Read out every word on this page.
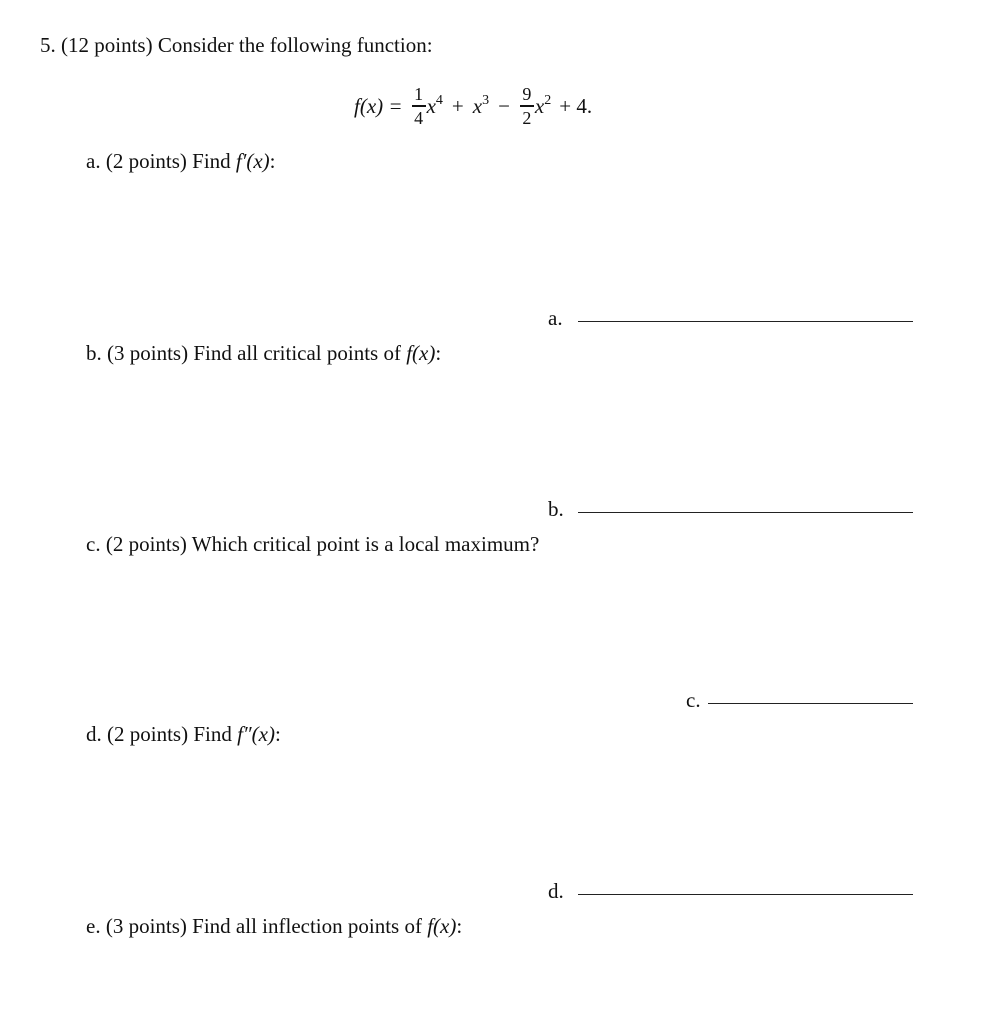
5. (12 points) Consider the following function:
$f(x) = \frac{1}{4} x^4 + x^3 - \frac{9}{2} x^2 + 4$.
a. (2 points) Find f′(x):
a.
b. (3 points) Find all critical points of f(x):
b.
c. (2 points) Which critical point is a local maximum?
c.
d. (2 points) Find f″(x):
d.
e. (3 points) Find all inflection points of f(x):
